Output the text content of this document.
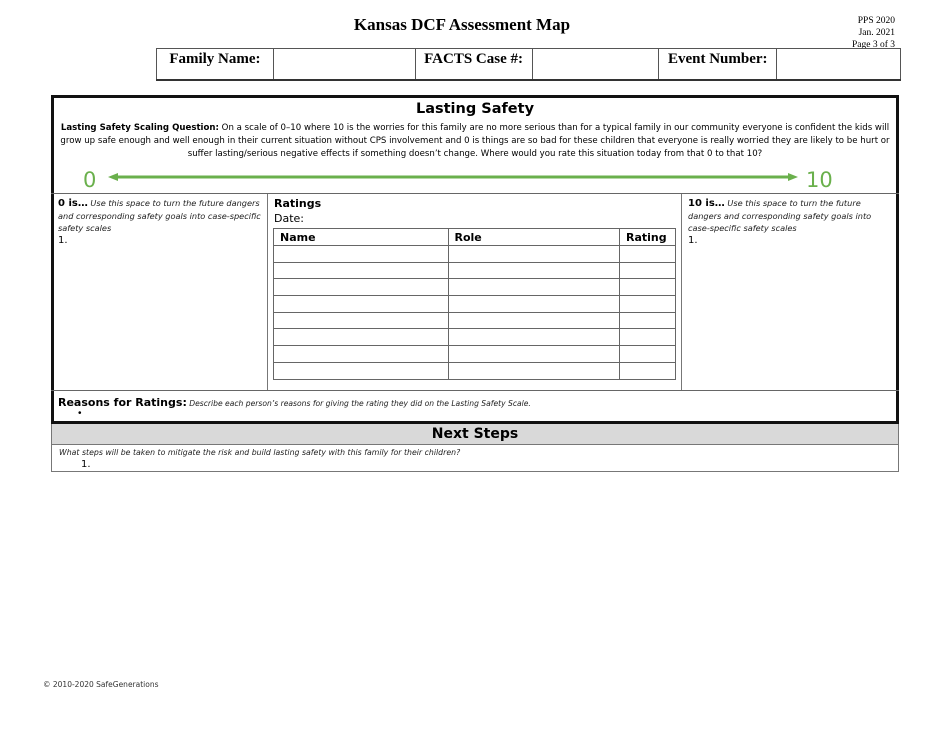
Kansas DCF Assessment Map	PPS 2020
Jan. 2021
Page 3 of 3
Family Name:		FACTS Case #:		Event Number:	
Lasting Safety
Lasting Safety Scaling Question: On a scale of 0–10 where 10 is the worries for this family are no more serious than for a typical family in our community everyone is confident the kids will grow up safe enough and well enough in their current situation without CPS involvement and 0 is things are so bad for these children that everyone is really worried they are likely to be hurt or suffer lasting/serious negative effects if something doesn’t change. Where would you rate this situation today from that 0 to that 10?
0	10
0 is… Use this space to turn the future dangers and corresponding safety goals into case-specific safety scales
1.
Ratings
Date:
Name	Role	Rating

10 is… Use this space to turn the future dangers and corresponding safety goals into case-specific safety scales
1.
Reasons for Ratings: Describe each person’s reasons for giving the rating they did on the Lasting Safety Scale.
•
Next Steps
What steps will be taken to mitigate the risk and build lasting safety with this family for their children?
1.
© 2010-2020 SafeGenerations
